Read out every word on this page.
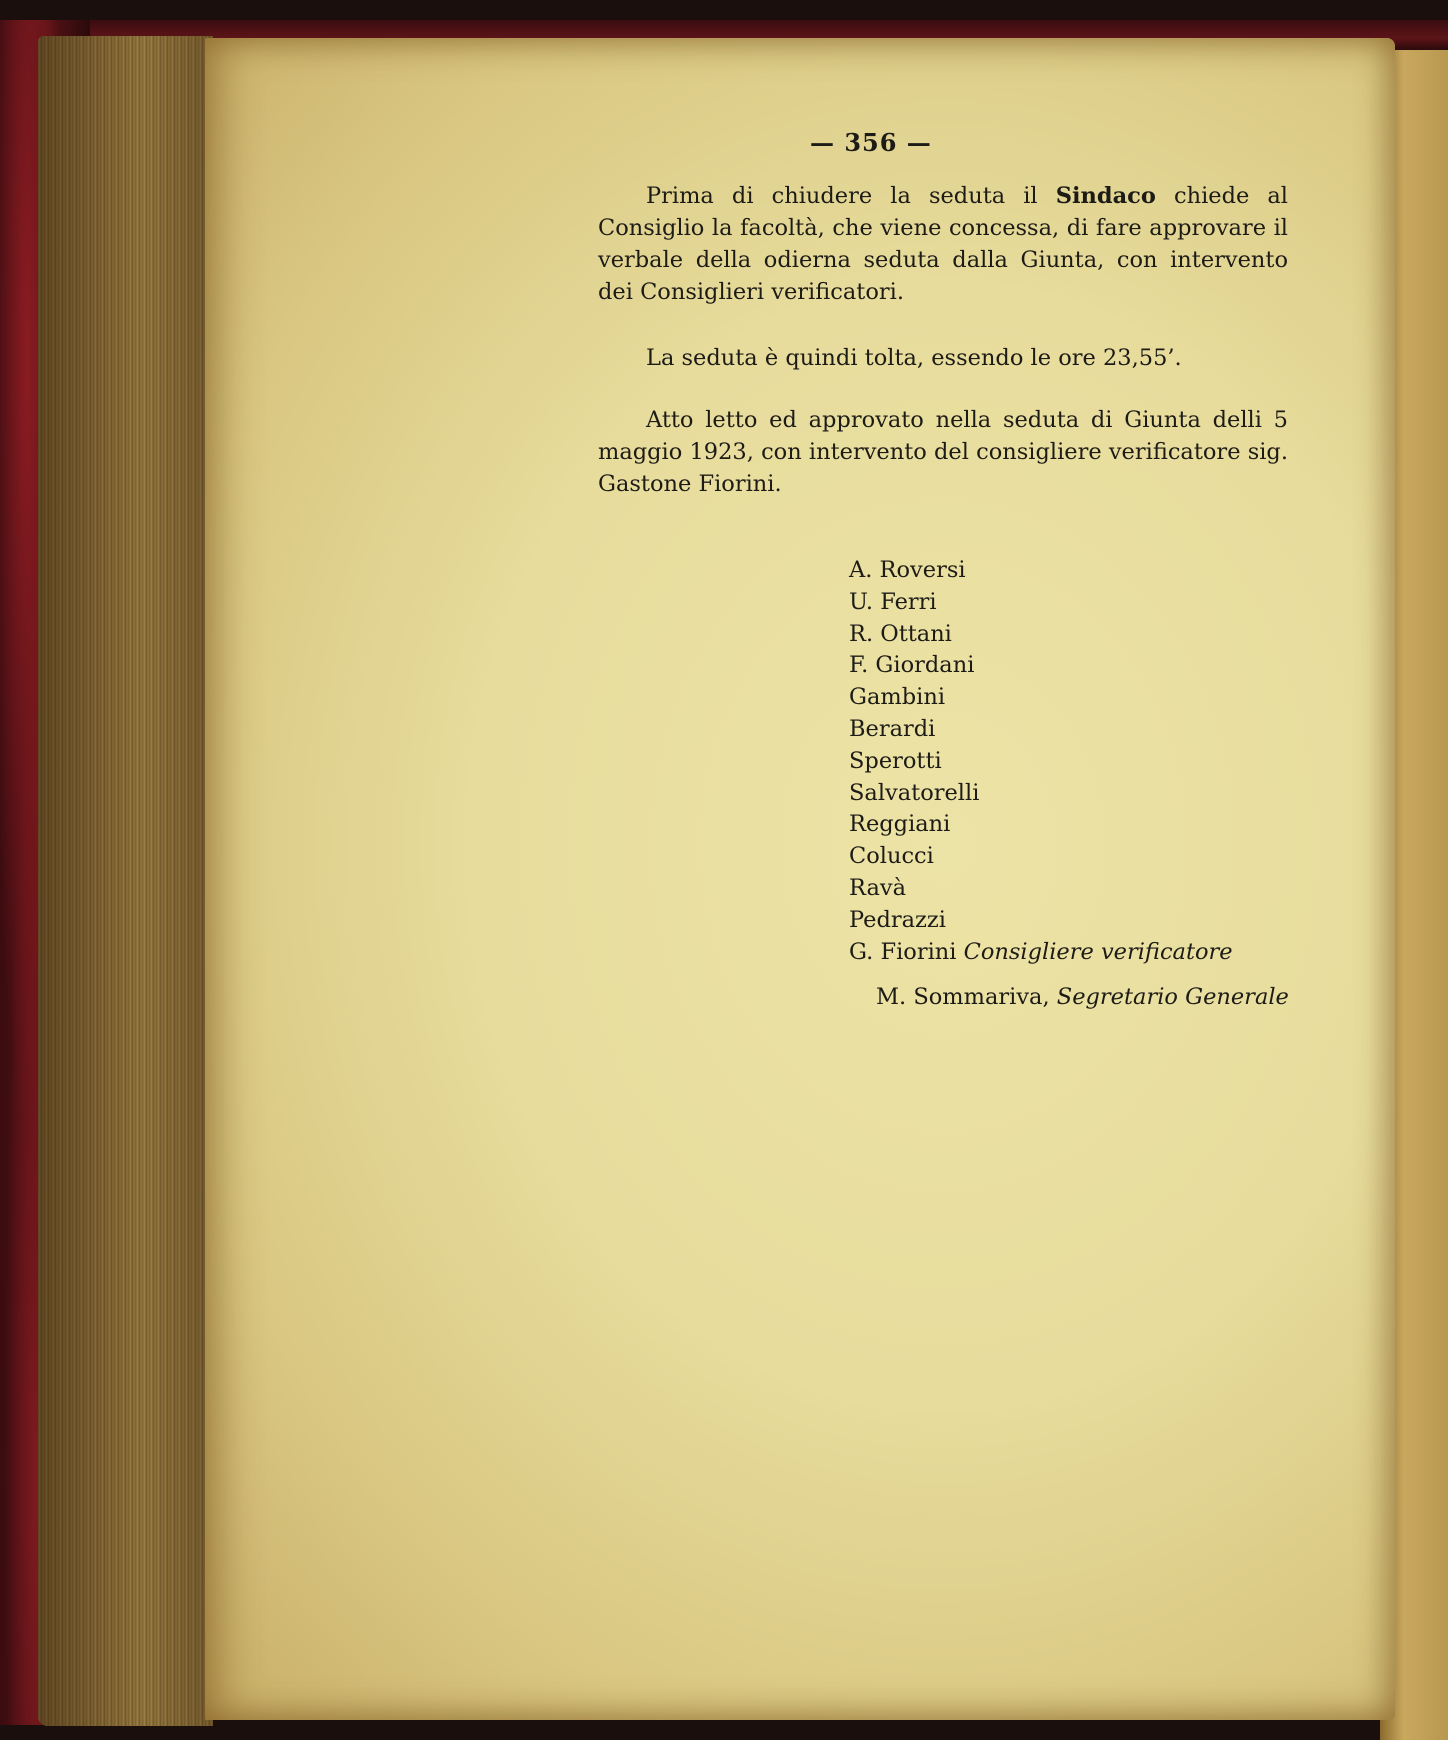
— 356 —

Prima di chiudere la seduta il Sindaco chiede al Consiglio la facoltà, che viene concessa, di fare approvare il verbale della odierna seduta dalla Giunta, con intervento dei Consiglieri verificatori.

La seduta è quindi tolta, essendo le ore 23,55’.

Atto letto ed approvato nella seduta di Giunta delli 5 maggio 1923, con intervento del consigliere verificatore sig. Gastone Fiorini.

A. Roversi
U. Ferri
R. Ottani
F. Giordani
Gambini
Berardi
Sperotti
Salvatorelli
Reggiani
Colucci
Ravà
Pedrazzi
G. Fiorini Consigliere verificatore
M. Sommariva, Segretario Generale
